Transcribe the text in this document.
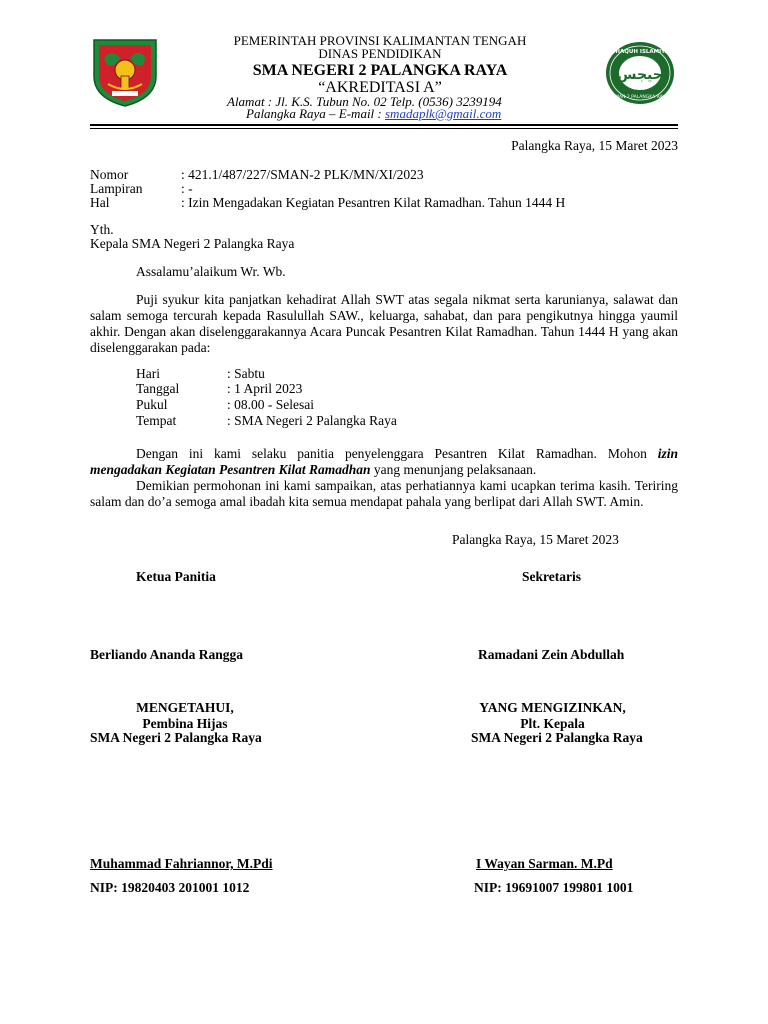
حيجس
ROHAQUH ISLAMIYAH
SMAN 2 PALANGKA RAYA
PEMERINTAH PROVINSI KALIMANTAN TENGAH
DINAS PENDIDIKAN
SMA NEGERI 2 PALANGKA RAYA
“AKREDITASI A”
Alamat : Jl. K.S. Tubun No. 02 Telp. (0536) 3239194
Palangka Raya – E-mail : smadaplk@gmail.com
Palangka Raya, 15 Maret 2023
Nomor	: 421.1/487/227/SMAN-2 PLK/MN/XI/2023
Lampiran	: -
Hal	: Izin Mengadakan Kegiatan Pesantren Kilat Ramadhan. Tahun 1444 H
Yth.
Kepala SMA Negeri 2 Palangka Raya
Assalamu’alaikum Wr. Wb.
Puji syukur kita panjatkan kehadirat Allah SWT atas segala nikmat serta karunianya, salawat dan salam semoga tercurah kepada Rasulullah SAW., keluarga, sahabat, dan para pengikutnya hingga yaumil akhir. Dengan akan diselenggarakannya Acara Puncak Pesantren Kilat Ramadhan. Tahun 1444 H yang akan diselenggarakan pada:
Hari	: Sabtu
Tanggal	: 1 April 2023
Pukul	: 08.00 - Selesai
Tempat	: SMA Negeri 2 Palangka Raya
Dengan ini kami selaku panitia penyelenggara Pesantren Kilat Ramadhan. Mohon izin mengadakan Kegiatan Pesantren Kilat Ramadhan yang menunjang pelaksanaan.
Demikian permohonan ini kami sampaikan, atas perhatiannya kami ucapkan terima kasih. Teriring salam dan do’a semoga amal ibadah kita semua mendapat pahala yang berlipat dari Allah SWT. Amin.
Palangka Raya, 15 Maret 2023
Ketua Panitia	Sekretaris
Berliando Ananda Rangga	Ramadani Zein Abdullah
MENGETAHUI,
Pembina Hijas
SMA Negeri 2 Palangka Raya
YANG MENGIZINKAN,
Plt. Kepala
SMA Negeri 2 Palangka Raya
Muhammad Fahriannor, M.Pdi	I Wayan Sarman. M.Pd
NIP: 19820403 201001 1012	NIP: 19691007 199801 1001
